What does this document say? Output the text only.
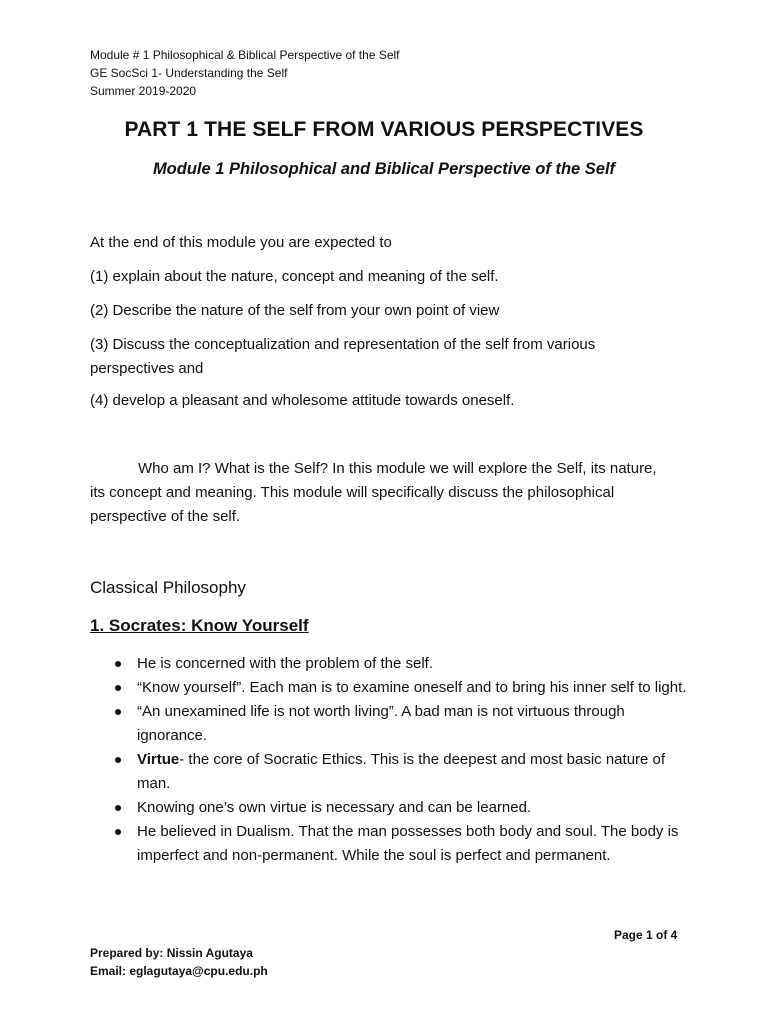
Module # 1 Philosophical & Biblical Perspective of the Self
GE SocSci 1- Understanding the Self
Summer 2019-2020
PART 1 THE SELF FROM VARIOUS PERSPECTIVES
Module 1 Philosophical and Biblical Perspective of the Self

At the end of this module you are expected to

(1) explain about the nature, concept and meaning of the self.

(2) Describe the nature of the self from your own point of view

(3) Discuss the conceptualization and representation of the self from various perspectives and

(4) develop a pleasant and wholesome attitude towards oneself.

Who am I? What is the Self? In this module we will explore the Self, its nature, its concept and meaning. This module will specifically discuss the philosophical perspective of the self.

Classical Philosophy
1. Socrates: Know Yourself
He is concerned with the problem of the self.
“Know yourself”. Each man is to examine oneself and to bring his inner self to light.
“An unexamined life is not worth living”. A bad man is not virtuous through ignorance.
Virtue- the core of Socratic Ethics. This is the deepest and most basic nature of man.
Knowing one’s own virtue is necessary and can be learned.
He believed in Dualism. That the man possesses both body and soul. The body is imperfect and non-permanent. While the soul is perfect and permanent.
Page 1 of 4
Prepared by: Nissin Agutaya
Email: eglagutaya@cpu.edu.ph
